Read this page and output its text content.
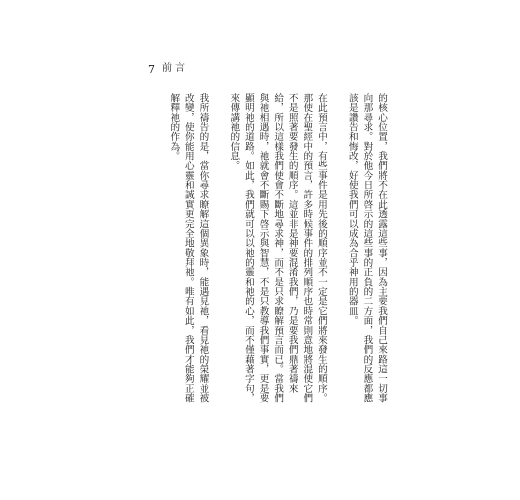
7 前言

的核心位置，我們將不在此透露這些事，因為主要我們自己來路這一切事向那尋求。對於他今日所啓示的這些事的正負的二方面，我們的反應都應該是讚告和悔改，好使我們可以成為合乎神用的器皿。

在此預言中，有些事件是用先後的順序並不一定是它們將來發生的順序。那使在聖經中的預言，許多時候事件的排列順序也時常則意地將混使它們不是照著要發生的順序。這並非是神要混淆我們，乃是要我們鼎著禱來給，所以這樣我們使會不斷地尋求神，而不是只求瞭解預言而已。當我們與祂相遇時，祂就會不斷賜下啓示與智慧，不是只教導我們事實，更是要顯明祂的道路。如此，我們就可以以祂的靈和祂的心，而不僅藉著字句，來傳講祂的信息。

我所禱告的是，當你尋求瞭解這個異象時，能遇見祂，看見祂的榮耀並被改變，使你能用心靈和誠實更完全地敬拜祂。唯有如此，我們才能夠正確解釋祂的作為。
